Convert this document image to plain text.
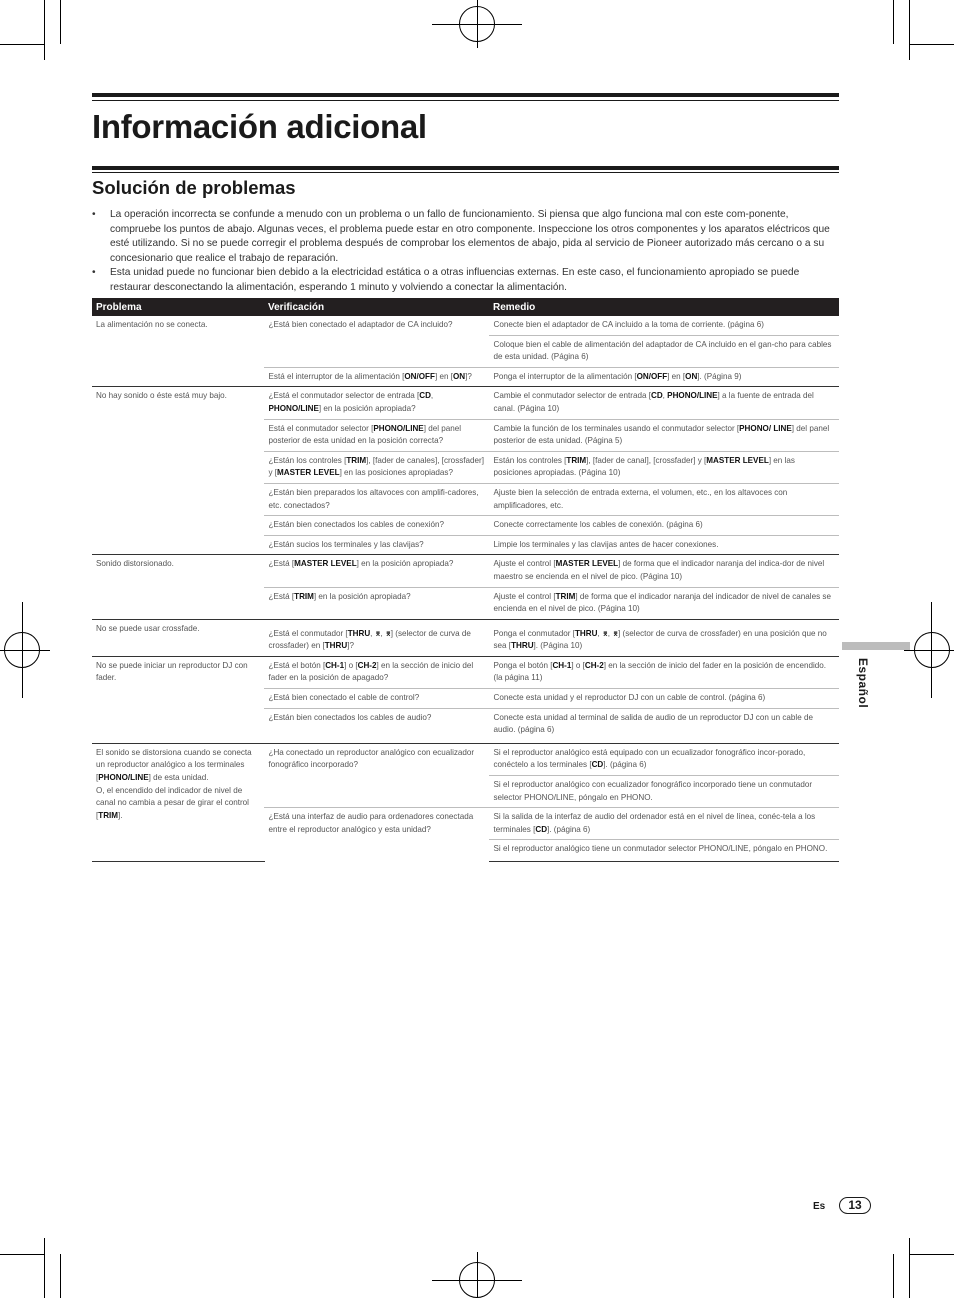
Información adicional
Solución de problemas
• La operación incorrecta se confunde a menudo con un problema o un fallo de funcionamiento. Si piensa que algo funciona mal con este com-ponente, compruebe los puntos de abajo. Algunas veces, el problema puede estar en otro componente. Inspeccione los otros componentes y los aparatos eléctricos que esté utilizando. Si no se puede corregir el problema después de comprobar los elementos de abajo, pida al servicio de Pioneer autorizado más cercano o a su concesionario que realice el trabajo de reparación.
• Esta unidad puede no funcionar bien debido a la electricidad estática o a otras influencias externas. En este caso, el funcionamiento apropiado se puede restaurar desconectando la alimentación, esperando 1 minuto y volviendo a conectar la alimentación.
Problema	Verificación	Remedio
La alimentación no se conecta.	¿Está bien conectado el adaptador de CA incluido?	Conecte bien el adaptador de CA incluido a la toma de corriente. (página 6)
		Coloque bien el cable de alimentación del adaptador de CA incluido en el gan-cho para cables de esta unidad. (Página 6)
	Está el interruptor de la alimentación [ON/OFF] en [ON]?	Ponga el interruptor de la alimentación [ON/OFF] en [ON]. (Página 9)
No hay sonido o éste está muy bajo.	¿Está el conmutador selector de entrada [CD, PHONO/LINE] en la posición apropiada?	Cambie el conmutador selector de entrada [CD, PHONO/LINE] a la fuente de entrada del canal. (Página 10)
	Está el conmutador selector [PHONO/LINE] del panel posterior de esta unidad en la posición correcta?	Cambie la función de los terminales usando el conmutador selector [PHONO/ LINE] del panel posterior de esta unidad. (Página 5)
	¿Están los controles [TRIM], [fader de canales], [crossfader] y [MASTER LEVEL] en las posiciones apropiadas?	Están los controles [TRIM], [fader de canal], [crossfader] y [MASTER LEVEL] en las posiciones apropiadas. (Página 10)
	¿Están bien preparados los altavoces con amplifi-cadores, etc. conectados?	Ajuste bien la selección de entrada externa, el volumen, etc., en los altavoces con amplificadores, etc.
	¿Están bien conectados los cables de conexión?	Conecte correctamente los cables de conexión. (página 6)
	¿Están sucios los terminales y las clavijas?	Limpie los terminales y las clavijas antes de hacer conexiones.
Sonido distorsionado.	¿Está [MASTER LEVEL] en la posición apropiada?	Ajuste el control [MASTER LEVEL] de forma que el indicador naranja del indica-dor de nivel maestro se encienda en el nivel de pico. (Página 10)
	¿Está [TRIM] en la posición apropiada?	Ajuste el control [TRIM] de forma que el indicador naranja del indicador de nivel de canales se encienda en el nivel de pico. (Página 10)
No se puede usar crossfade.	¿Está el conmutador [THRU, ⌆, ⌆] (selector de curva de crossfader) en [THRU]?	Ponga el conmutador [THRU, ⌆, ⌆] (selector de curva de crossfader) en una posición que no sea [THRU]. (Página 10)
No se puede iniciar un reproductor DJ con fader.	¿Está el botón [CH-1] o [CH-2] en la sección de inicio del fader en la posición de apagado?	Ponga el botón [CH-1] o [CH-2] en la sección de inicio del fader en la posición de encendido. (la página 11)
	¿Está bien conectado el cable de control?	Conecte esta unidad y el reproductor DJ con un cable de control. (página 6)
	¿Están bien conectados los cables de audio?	Conecte esta unidad al terminal de salida de audio de un reproductor DJ con un cable de audio. (página 6)
El sonido se distorsiona cuando se conecta un reproductor analógico a los terminales [PHONO/LINE] de esta unidad.
O, el encendido del indicador de nivel de canal no cambia a pesar de girar el control [TRIM].	¿Ha conectado un reproductor analógico con ecualizador fonográfico incorporado?	Si el reproductor analógico está equipado con un ecualizador fonográfico incor-porado, conéctelo a los terminales [CD]. (página 6)
		Si el reproductor analógico con ecualizador fonográfico incorporado tiene un conmutador selector PHONO/LINE, póngalo en PHONO.
	¿Está una interfaz de audio para ordenadores conectada entre el reproductor analógico y esta unidad?	Si la salida de la interfaz de audio del ordenador está en el nivel de línea, conéc-tela a los terminales [CD]. (página 6)
		Si el reproductor analógico tiene un conmutador selector PHONO/LINE, póngalo en PHONO.
Español
Es	13
